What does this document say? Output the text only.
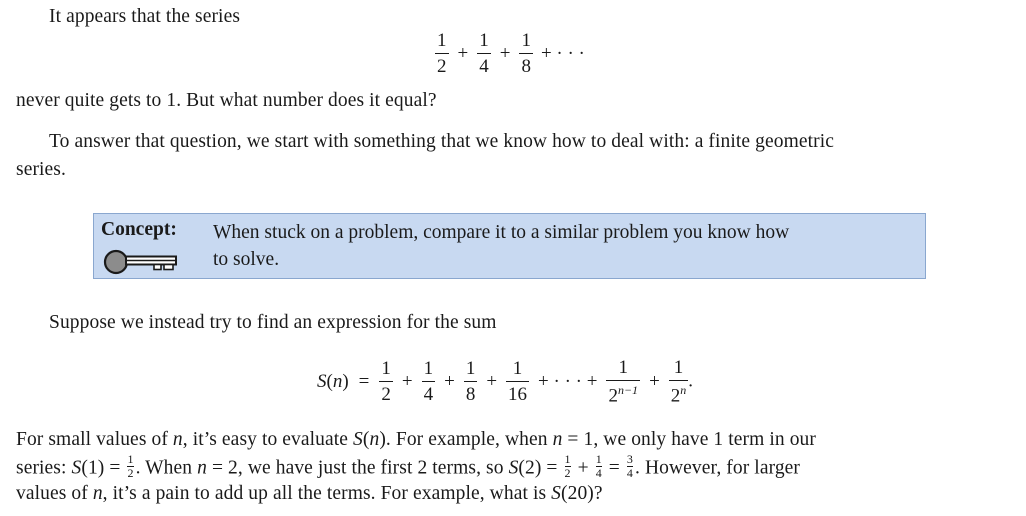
It appears that the series
$\frac{1}{2} + \frac{1}{4} + \frac{1}{8}$ + · · ·
never quite gets to 1. But what number does it equal?
To answer that question, we start with something that we know how to deal with: a finite geometric
series.
Concept: When stuck on a problem, compare it to a similar problem you know how
to solve.
Suppose we instead try to find an expression for the sum
$S(n) = \frac{1}{2} + \frac{1}{4} + \frac{1}{8} + \frac{1}{16}$ + · · · + $\frac{1}{2^{n-1}} + \frac{1}{2^n}$ .
For small values of n, it’s easy to evaluate S(n). For example, when n = 1, we only have 1 term in our
series: $S(1) = \frac{1}{2}$ . When n = 2, we have just the first 2 terms, so $S(2) = \frac{1}{2} + \frac{1}{4} = \frac{3}{4}$ . However, for larger
values of n, it’s a pain to add up all the terms. For example, what is S(20)?
